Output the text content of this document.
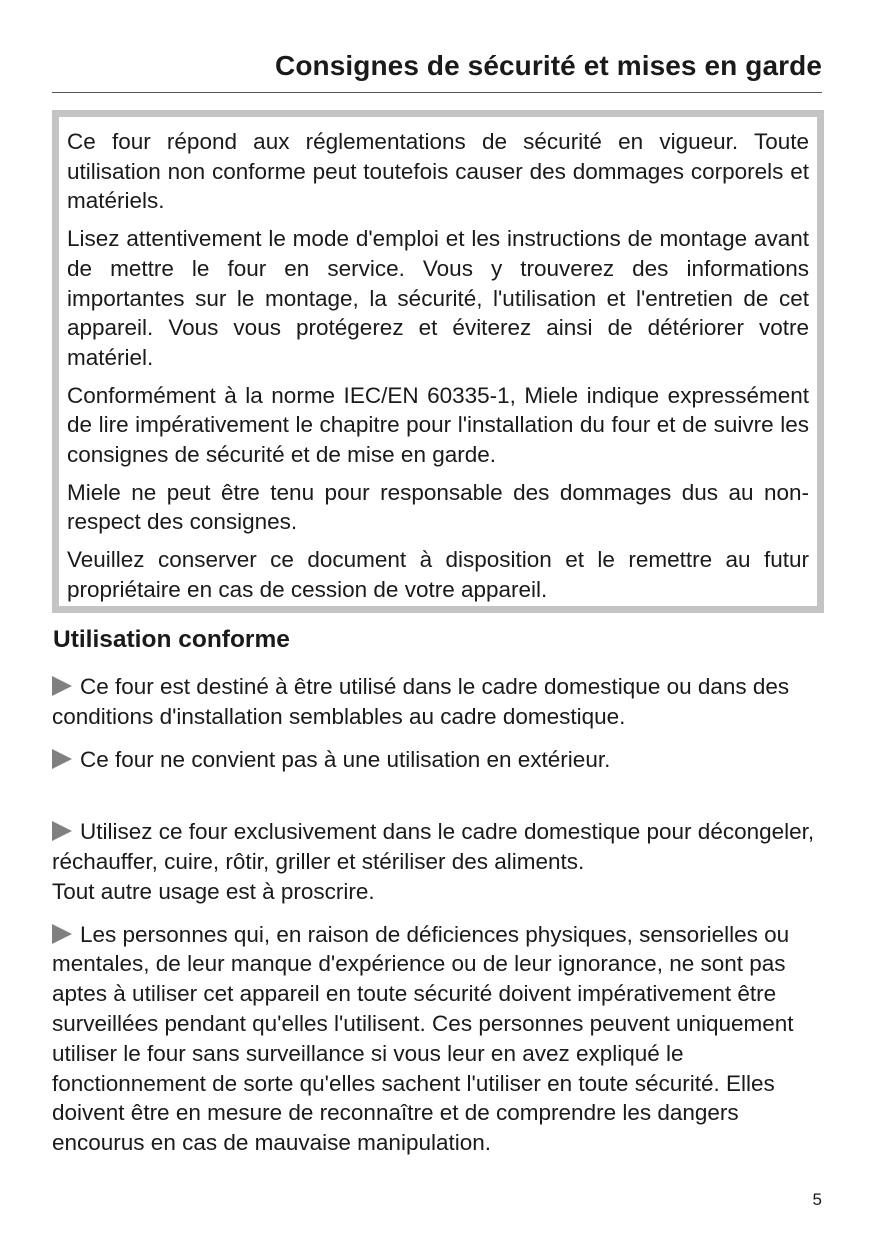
Consignes de sécurité et mises en garde

Ce four répond aux réglementations de sécurité en vigueur. Toute utilisation non conforme peut toutefois causer des dommages corporels et matériels.

Lisez attentivement le mode d'emploi et les instructions de montage avant de mettre le four en service. Vous y trouverez des informations importantes sur le montage, la sécurité, l'utilisation et l'entretien de cet appareil. Vous vous protégerez et éviterez ainsi de détériorer votre matériel.

Conformément à la norme IEC/EN 60335-1, Miele indique expressément de lire impérativement le chapitre pour l'installation du four et de suivre les consignes de sécurité et de mise en garde.

Miele ne peut être tenu pour responsable des dommages dus au non-respect des consignes.

Veuillez conserver ce document à disposition et le remettre au futur propriétaire en cas de cession de votre appareil.

Utilisation conforme

Ce four est destiné à être utilisé dans le cadre domestique ou dans des conditions d'installation semblables au cadre domestique.

Ce four ne convient pas à une utilisation en extérieur.

Utilisez ce four exclusivement dans le cadre domestique pour décongeler, réchauffer, cuire, rôtir, griller et stériliser des aliments.
Tout autre usage est à proscrire.

Les personnes qui, en raison de déficiences physiques, sensorielles ou mentales, de leur manque d'expérience ou de leur ignorance, ne sont pas aptes à utiliser cet appareil en toute sécurité doivent impérativement être surveillées pendant qu'elles l'utilisent. Ces personnes peuvent uniquement utiliser le four sans surveillance si vous leur en avez expliqué le fonctionnement de sorte qu'elles sachent l'utiliser en toute sécurité. Elles doivent être en mesure de reconnaître et de comprendre les dangers encourus en cas de mauvaise manipulation.

5
